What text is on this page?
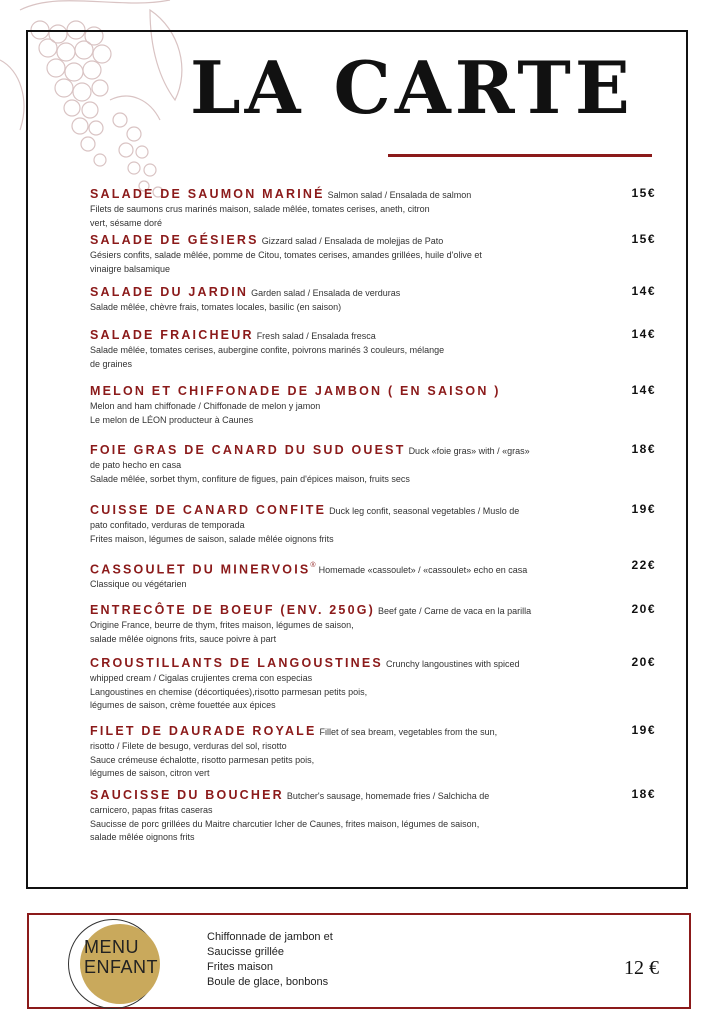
LA CARTE
SALADE DE SAUMON MARINÉ Salmon salad / Ensalada de salmon
Filets de saumons crus marinés maison, salade mêlée, tomates cerises, aneth, citron
vert, sésame doré
15€
SALADE DE GÉSIERS Gizzard salad / Ensalada de molejjas de Pato
Gésiers confits, salade mêlée, pomme de Citou, tomates cerises, amandes grillées, huile d'olive et
vinaigre balsamique
15€
SALADE DU JARDIN Garden salad / Ensalada de verduras
Salade mêlée, chèvre frais, tomates locales, basilic (en saison)
14€
SALADE FRAICHEUR Fresh salad / Ensalada fresca
Salade mêlée, tomates cerises, aubergine confite, poivrons marinés 3 couleurs, mélange
de graines
14€
MELON ET CHIFFONADE DE JAMBON ( EN SAISON )
Melon and ham chiffonade / Chiffonade de melon y jamon
Le melon de LÉON producteur à Caunes
14€
FOIE GRAS DE CANARD DU SUD OUEST Duck «foie gras» with / «gras»
de pato hecho en casa
Salade mêlée, sorbet thym, confiture de figues, pain d'épices maison, fruits secs
18€
CUISSE DE CANARD CONFITE Duck leg confit, seasonal vegetables / Muslo de
pato confitado, verduras de temporada
Frites maison, légumes de saison, salade mêlée oignons frits
19€
CASSOULET DU MINERVOIS® Homemade «cassoulet» / «cassoulet» echo en casa
Classique ou végétarien
22€
ENTRECÔTE DE BOEUF (ENV. 250G) Beef gate / Carne de vaca en la parilla
Origine France, beurre de thym, frites maison, légumes de saison,
salade mêlée oignons frits, sauce poivre à part
20€
CROUSTILLANTS DE LANGOUSTINES Crunchy langoustines with spiced
whipped cream / Cigalas crujientes crema con especias
Langoustines en chemise (décortiquées),risotto parmesan petits pois,
légumes de saison, crème fouettée aux épices
20€
FILET DE DAURADE ROYALE Fillet of sea bream, vegetables from the sun,
risotto / Filete de besugo, verduras del sol, risotto
Sauce crémeuse échalotte, risotto parmesan petits pois,
légumes de saison, citron vert
19€
SAUCISSE DU BOUCHER Butcher's sausage, homemade fries / Salchicha de
carnicero, papas fritas caseras
Saucisse de porc grillées du Maitre charcutier Icher de Caunes, frites maison, légumes de saison,
salade mêlée oignons frits
18€
MENU
ENFANT
Chiffonnade de jambon et
Saucisse grillée
Frites maison
Boule de glace, bonbons
12 €
